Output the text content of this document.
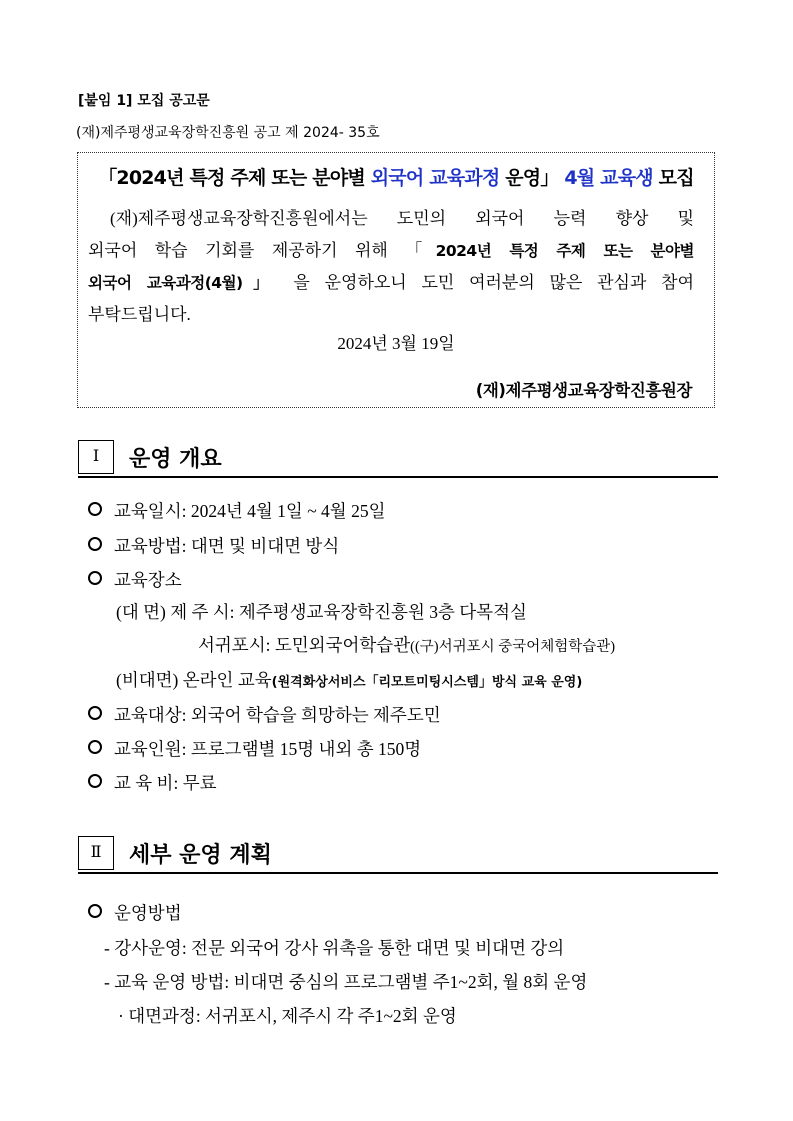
[붙임 1] 모집 공고문
(재)제주평생교육장학진흥원 공고 제 2024- 35호
「2024년 특정 주제 또는 분야별 외국어 교육과정 운영」 4월 교육생 모집
(재)제주평생교육장학진흥원에서는 도민의 외국어 능력 향상 및
외국어 학습 기회를 제공하기 위해 「2024년 특정 주제 또는 분야별
외국어 교육과정(4월)」 을 운영하오니 도민 여러분의 많은 관심과 참여
부탁드립니다.
2024년 3월 19일
(재)제주평생교육장학진흥원장
Ⅰ	운영 개요
교육일시: 2024년 4월 1일 ~ 4월 25일
교육방법: 대면 및 비대면 방식
교육장소
(대 면) 제 주 시: 제주평생교육장학진흥원 3층 다목적실
서귀포시: 도민외국어학습관((구)서귀포시 중국어체험학습관)
(비대면) 온라인 교육(원격화상서비스「리모트미팅시스템」방식 교육 운영)
교육대상: 외국어 학습을 희망하는 제주도민
교육인원: 프로그램별 15명 내외 총 150명
교 육 비: 무료
Ⅱ	세부 운영 계획
운영방법
- 강사운영: 전문 외국어 강사 위촉을 통한 대면 및 비대면 강의
- 교육 운영 방법: 비대면 중심의 프로그램별 주1~2회, 월 8회 운영
· 대면과정: 서귀포시, 제주시 각 주1~2회 운영
